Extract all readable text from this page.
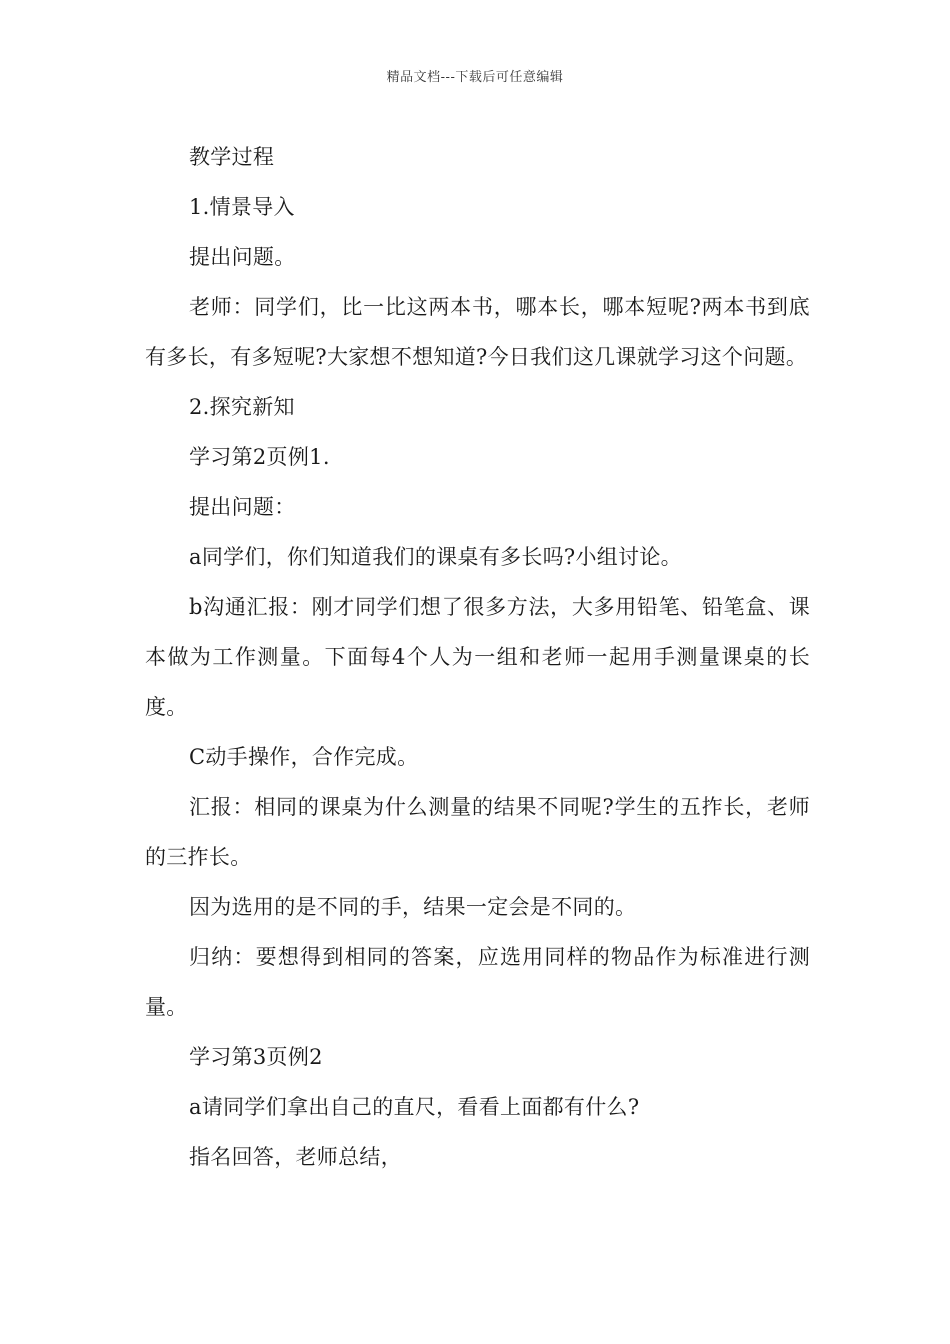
精品文档---下载后可任意编辑

教学过程

1.情景导入

提出问题。

老师：同学们，比一比这两本书，哪本长，哪本短呢?两本书到底有多长，有多短呢?大家想不想知道?今日我们这几课就学习这个问题。

2.探究新知

学习第2页例1.

提出问题：

a同学们，你们知道我们的课桌有多长吗?小组讨论。

b沟通汇报：刚才同学们想了很多方法，大多用铅笔、铅笔盒、课本做为工作测量。下面每4个人为一组和老师一起用手测量课桌的长度。

C动手操作，合作完成。

汇报：相同的课桌为什么测量的结果不同呢?学生的五拃长，老师的三拃长。

因为选用的是不同的手，结果一定会是不同的。

归纳：要想得到相同的答案，应选用同样的物品作为标准进行测量。

学习第3页例2

a请同学们拿出自己的直尺，看看上面都有什么?

指名回答，老师总结，
